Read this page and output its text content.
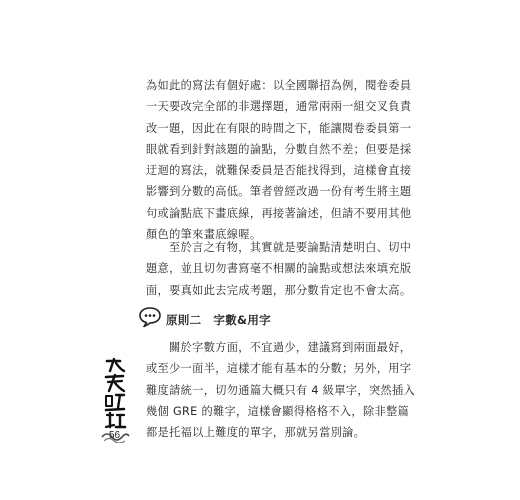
為如此的寫法有個好處：以全國聯招為例，閱卷委員
一天要改完全部的非選擇題，通常兩兩一組交叉負責
改一題，因此在有限的時間之下，能讓閱卷委員第一
眼就看到針對該題的論點，分數自然不差；但要是採
迂迴的寫法，就難保委員是否能找得到，這樣會直接
影響到分數的高低。筆者曾經改過一份有考生將主題
句或論點底下畫底線，再接著論述，但請不要用其他
顏色的筆來畫底線喔。
至於言之有物，其實就是要論點清楚明白、切中
題意，並且切勿書寫毫不相關的論點或想法來填充版
面，要真如此去完成考題，那分數肯定也不會太高。
原則二 字數&用字
關於字數方面，不宜過少，建議寫到兩面最好，
或至少一面半，這樣才能有基本的分數；另外，用字
難度請統一，切勿通篇大概只有 4 級單字，突然插入
幾個 GRE 的難字，這樣會顯得格格不入，除非整篇
都是托福以上難度的單字，那就另當別論。
56
